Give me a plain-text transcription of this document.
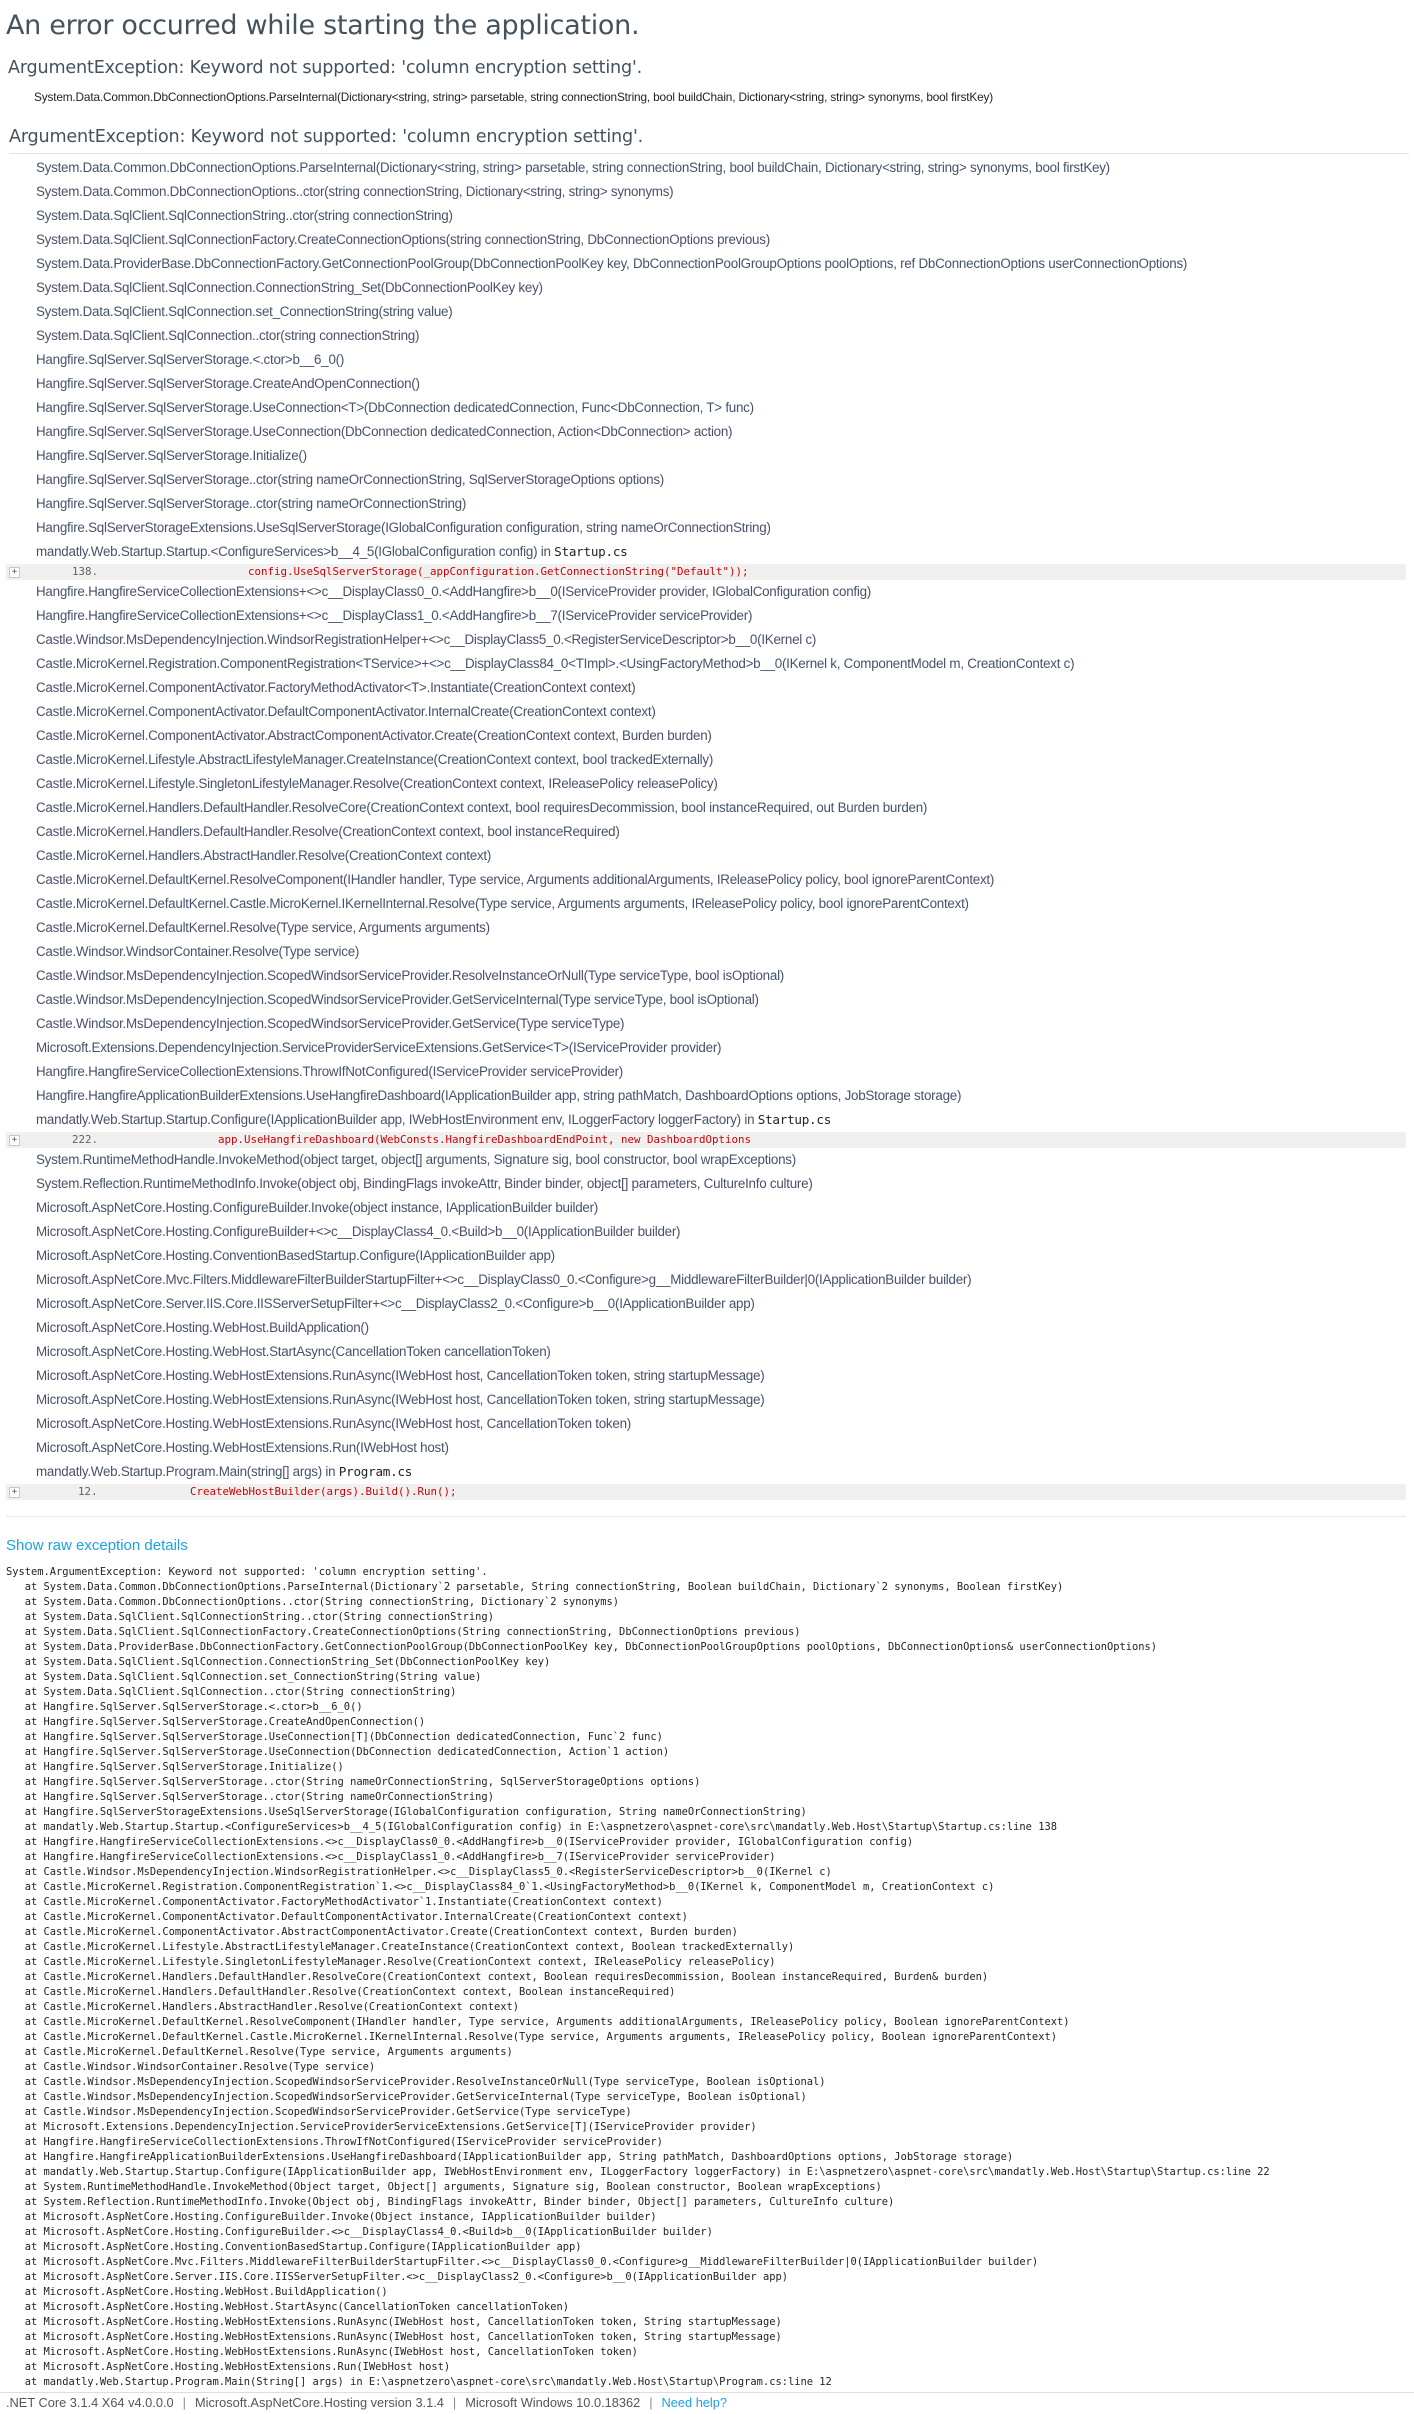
An error occurred while starting the application.
ArgumentException: Keyword not supported: 'column encryption setting'.
System.Data.Common.DbConnectionOptions.ParseInternal(Dictionary<string, string> parsetable, string connectionString, bool buildChain, Dictionary<string, string> synonyms, bool firstKey)
ArgumentException: Keyword not supported: 'column encryption setting'.
System.Data.Common.DbConnectionOptions.ParseInternal(Dictionary<string, string> parsetable, string connectionString, bool buildChain, Dictionary<string, string> synonyms, bool firstKey)
System.Data.Common.DbConnectionOptions..ctor(string connectionString, Dictionary<string, string> synonyms)
System.Data.SqlClient.SqlConnectionString..ctor(string connectionString)
System.Data.SqlClient.SqlConnectionFactory.CreateConnectionOptions(string connectionString, DbConnectionOptions previous)
System.Data.ProviderBase.DbConnectionFactory.GetConnectionPoolGroup(DbConnectionPoolKey key, DbConnectionPoolGroupOptions poolOptions, ref DbConnectionOptions userConnectionOptions)
System.Data.SqlClient.SqlConnection.ConnectionString_Set(DbConnectionPoolKey key)
System.Data.SqlClient.SqlConnection.set_ConnectionString(string value)
System.Data.SqlClient.SqlConnection..ctor(string connectionString)
Hangfire.SqlServer.SqlServerStorage.<.ctor>b__6_0()
Hangfire.SqlServer.SqlServerStorage.CreateAndOpenConnection()
Hangfire.SqlServer.SqlServerStorage.UseConnection<T>(DbConnection dedicatedConnection, Func<DbConnection, T> func)
Hangfire.SqlServer.SqlServerStorage.UseConnection(DbConnection dedicatedConnection, Action<DbConnection> action)
Hangfire.SqlServer.SqlServerStorage.Initialize()
Hangfire.SqlServer.SqlServerStorage..ctor(string nameOrConnectionString, SqlServerStorageOptions options)
Hangfire.SqlServer.SqlServerStorage..ctor(string nameOrConnectionString)
Hangfire.SqlServerStorageExtensions.UseSqlServerStorage(IGlobalConfiguration configuration, string nameOrConnectionString)
mandatly.Web.Startup.Startup.<ConfigureServices>b__4_5(IGlobalConfiguration config) in Startup.cs
+	138.	config.UseSqlServerStorage(_appConfiguration.GetConnectionString("Default"));
Hangfire.HangfireServiceCollectionExtensions+<>c__DisplayClass0_0.<AddHangfire>b__0(IServiceProvider provider, IGlobalConfiguration config)
Hangfire.HangfireServiceCollectionExtensions+<>c__DisplayClass1_0.<AddHangfire>b__7(IServiceProvider serviceProvider)
Castle.Windsor.MsDependencyInjection.WindsorRegistrationHelper+<>c__DisplayClass5_0.<RegisterServiceDescriptor>b__0(IKernel c)
Castle.MicroKernel.Registration.ComponentRegistration<TService>+<>c__DisplayClass84_0<TImpl>.<UsingFactoryMethod>b__0(IKernel k, ComponentModel m, CreationContext c)
Castle.MicroKernel.ComponentActivator.FactoryMethodActivator<T>.Instantiate(CreationContext context)
Castle.MicroKernel.ComponentActivator.DefaultComponentActivator.InternalCreate(CreationContext context)
Castle.MicroKernel.ComponentActivator.AbstractComponentActivator.Create(CreationContext context, Burden burden)
Castle.MicroKernel.Lifestyle.AbstractLifestyleManager.CreateInstance(CreationContext context, bool trackedExternally)
Castle.MicroKernel.Lifestyle.SingletonLifestyleManager.Resolve(CreationContext context, IReleasePolicy releasePolicy)
Castle.MicroKernel.Handlers.DefaultHandler.ResolveCore(CreationContext context, bool requiresDecommission, bool instanceRequired, out Burden burden)
Castle.MicroKernel.Handlers.DefaultHandler.Resolve(CreationContext context, bool instanceRequired)
Castle.MicroKernel.Handlers.AbstractHandler.Resolve(CreationContext context)
Castle.MicroKernel.DefaultKernel.ResolveComponent(IHandler handler, Type service, Arguments additionalArguments, IReleasePolicy policy, bool ignoreParentContext)
Castle.MicroKernel.DefaultKernel.Castle.MicroKernel.IKernelInternal.Resolve(Type service, Arguments arguments, IReleasePolicy policy, bool ignoreParentContext)
Castle.MicroKernel.DefaultKernel.Resolve(Type service, Arguments arguments)
Castle.Windsor.WindsorContainer.Resolve(Type service)
Castle.Windsor.MsDependencyInjection.ScopedWindsorServiceProvider.ResolveInstanceOrNull(Type serviceType, bool isOptional)
Castle.Windsor.MsDependencyInjection.ScopedWindsorServiceProvider.GetServiceInternal(Type serviceType, bool isOptional)
Castle.Windsor.MsDependencyInjection.ScopedWindsorServiceProvider.GetService(Type serviceType)
Microsoft.Extensions.DependencyInjection.ServiceProviderServiceExtensions.GetService<T>(IServiceProvider provider)
Hangfire.HangfireServiceCollectionExtensions.ThrowIfNotConfigured(IServiceProvider serviceProvider)
Hangfire.HangfireApplicationBuilderExtensions.UseHangfireDashboard(IApplicationBuilder app, string pathMatch, DashboardOptions options, JobStorage storage)
mandatly.Web.Startup.Startup.Configure(IApplicationBuilder app, IWebHostEnvironment env, ILoggerFactory loggerFactory) in Startup.cs
+	222.	app.UseHangfireDashboard(WebConsts.HangfireDashboardEndPoint, new DashboardOptions
System.RuntimeMethodHandle.InvokeMethod(object target, object[] arguments, Signature sig, bool constructor, bool wrapExceptions)
System.Reflection.RuntimeMethodInfo.Invoke(object obj, BindingFlags invokeAttr, Binder binder, object[] parameters, CultureInfo culture)
Microsoft.AspNetCore.Hosting.ConfigureBuilder.Invoke(object instance, IApplicationBuilder builder)
Microsoft.AspNetCore.Hosting.ConfigureBuilder+<>c__DisplayClass4_0.<Build>b__0(IApplicationBuilder builder)
Microsoft.AspNetCore.Hosting.ConventionBasedStartup.Configure(IApplicationBuilder app)
Microsoft.AspNetCore.Mvc.Filters.MiddlewareFilterBuilderStartupFilter+<>c__DisplayClass0_0.<Configure>g__MiddlewareFilterBuilder|0(IApplicationBuilder builder)
Microsoft.AspNetCore.Server.IIS.Core.IISServerSetupFilter+<>c__DisplayClass2_0.<Configure>b__0(IApplicationBuilder app)
Microsoft.AspNetCore.Hosting.WebHost.BuildApplication()
Microsoft.AspNetCore.Hosting.WebHost.StartAsync(CancellationToken cancellationToken)
Microsoft.AspNetCore.Hosting.WebHostExtensions.RunAsync(IWebHost host, CancellationToken token, string startupMessage)
Microsoft.AspNetCore.Hosting.WebHostExtensions.RunAsync(IWebHost host, CancellationToken token, string startupMessage)
Microsoft.AspNetCore.Hosting.WebHostExtensions.RunAsync(IWebHost host, CancellationToken token)
Microsoft.AspNetCore.Hosting.WebHostExtensions.Run(IWebHost host)
mandatly.Web.Startup.Program.Main(string[] args) in Program.cs
+	12.	CreateWebHostBuilder(args).Build().Run();
Show raw exception details
System.ArgumentException: Keyword not supported: 'column encryption setting'.
at System.Data.Common.DbConnectionOptions.ParseInternal(Dictionary`2 parsetable, String connectionString, Boolean buildChain, Dictionary`2 synonyms, Boolean firstKey)
at System.Data.Common.DbConnectionOptions..ctor(String connectionString, Dictionary`2 synonyms)
at System.Data.SqlClient.SqlConnectionString..ctor(String connectionString)
at System.Data.SqlClient.SqlConnectionFactory.CreateConnectionOptions(String connectionString, DbConnectionOptions previous)
at System.Data.ProviderBase.DbConnectionFactory.GetConnectionPoolGroup(DbConnectionPoolKey key, DbConnectionPoolGroupOptions poolOptions, DbConnectionOptions& userConnectionOptions)
at System.Data.SqlClient.SqlConnection.ConnectionString_Set(DbConnectionPoolKey key)
at System.Data.SqlClient.SqlConnection.set_ConnectionString(String value)
at System.Data.SqlClient.SqlConnection..ctor(String connectionString)
at Hangfire.SqlServer.SqlServerStorage.<.ctor>b__6_0()
at Hangfire.SqlServer.SqlServerStorage.CreateAndOpenConnection()
at Hangfire.SqlServer.SqlServerStorage.UseConnection[T](DbConnection dedicatedConnection, Func`2 func)
at Hangfire.SqlServer.SqlServerStorage.UseConnection(DbConnection dedicatedConnection, Action`1 action)
at Hangfire.SqlServer.SqlServerStorage.Initialize()
at Hangfire.SqlServer.SqlServerStorage..ctor(String nameOrConnectionString, SqlServerStorageOptions options)
at Hangfire.SqlServer.SqlServerStorage..ctor(String nameOrConnectionString)
at Hangfire.SqlServerStorageExtensions.UseSqlServerStorage(IGlobalConfiguration configuration, String nameOrConnectionString)
at mandatly.Web.Startup.Startup.<ConfigureServices>b__4_5(IGlobalConfiguration config) in E:\aspnetzero\aspnet-core\src\mandatly.Web.Host\Startup\Startup.cs:line 138
at Hangfire.HangfireServiceCollectionExtensions.<>c__DisplayClass0_0.<AddHangfire>b__0(IServiceProvider provider, IGlobalConfiguration config)
at Hangfire.HangfireServiceCollectionExtensions.<>c__DisplayClass1_0.<AddHangfire>b__7(IServiceProvider serviceProvider)
at Castle.Windsor.MsDependencyInjection.WindsorRegistrationHelper.<>c__DisplayClass5_0.<RegisterServiceDescriptor>b__0(IKernel c)
at Castle.MicroKernel.Registration.ComponentRegistration`1.<>c__DisplayClass84_0`1.<UsingFactoryMethod>b__0(IKernel k, ComponentModel m, CreationContext c)
at Castle.MicroKernel.ComponentActivator.FactoryMethodActivator`1.Instantiate(CreationContext context)
at Castle.MicroKernel.ComponentActivator.DefaultComponentActivator.InternalCreate(CreationContext context)
at Castle.MicroKernel.ComponentActivator.AbstractComponentActivator.Create(CreationContext context, Burden burden)
at Castle.MicroKernel.Lifestyle.AbstractLifestyleManager.CreateInstance(CreationContext context, Boolean trackedExternally)
at Castle.MicroKernel.Lifestyle.SingletonLifestyleManager.Resolve(CreationContext context, IReleasePolicy releasePolicy)
at Castle.MicroKernel.Handlers.DefaultHandler.ResolveCore(CreationContext context, Boolean requiresDecommission, Boolean instanceRequired, Burden& burden)
at Castle.MicroKernel.Handlers.DefaultHandler.Resolve(CreationContext context, Boolean instanceRequired)
at Castle.MicroKernel.Handlers.AbstractHandler.Resolve(CreationContext context)
at Castle.MicroKernel.DefaultKernel.ResolveComponent(IHandler handler, Type service, Arguments additionalArguments, IReleasePolicy policy, Boolean ignoreParentContext)
at Castle.MicroKernel.DefaultKernel.Castle.MicroKernel.IKernelInternal.Resolve(Type service, Arguments arguments, IReleasePolicy policy, Boolean ignoreParentContext)
at Castle.MicroKernel.DefaultKernel.Resolve(Type service, Arguments arguments)
at Castle.Windsor.WindsorContainer.Resolve(Type service)
at Castle.Windsor.MsDependencyInjection.ScopedWindsorServiceProvider.ResolveInstanceOrNull(Type serviceType, Boolean isOptional)
at Castle.Windsor.MsDependencyInjection.ScopedWindsorServiceProvider.GetServiceInternal(Type serviceType, Boolean isOptional)
at Castle.Windsor.MsDependencyInjection.ScopedWindsorServiceProvider.GetService(Type serviceType)
at Microsoft.Extensions.DependencyInjection.ServiceProviderServiceExtensions.GetService[T](IServiceProvider provider)
at Hangfire.HangfireServiceCollectionExtensions.ThrowIfNotConfigured(IServiceProvider serviceProvider)
at Hangfire.HangfireApplicationBuilderExtensions.UseHangfireDashboard(IApplicationBuilder app, String pathMatch, DashboardOptions options, JobStorage storage)
at mandatly.Web.Startup.Startup.Configure(IApplicationBuilder app, IWebHostEnvironment env, ILoggerFactory loggerFactory) in E:\aspnetzero\aspnet-core\src\mandatly.Web.Host\Startup\Startup.cs:line 22
at System.RuntimeMethodHandle.InvokeMethod(Object target, Object[] arguments, Signature sig, Boolean constructor, Boolean wrapExceptions)
at System.Reflection.RuntimeMethodInfo.Invoke(Object obj, BindingFlags invokeAttr, Binder binder, Object[] parameters, CultureInfo culture)
at Microsoft.AspNetCore.Hosting.ConfigureBuilder.Invoke(Object instance, IApplicationBuilder builder)
at Microsoft.AspNetCore.Hosting.ConfigureBuilder.<>c__DisplayClass4_0.<Build>b__0(IApplicationBuilder builder)
at Microsoft.AspNetCore.Hosting.ConventionBasedStartup.Configure(IApplicationBuilder app)
at Microsoft.AspNetCore.Mvc.Filters.MiddlewareFilterBuilderStartupFilter.<>c__DisplayClass0_0.<Configure>g__MiddlewareFilterBuilder|0(IApplicationBuilder builder)
at Microsoft.AspNetCore.Server.IIS.Core.IISServerSetupFilter.<>c__DisplayClass2_0.<Configure>b__0(IApplicationBuilder app)
at Microsoft.AspNetCore.Hosting.WebHost.BuildApplication()
at Microsoft.AspNetCore.Hosting.WebHost.StartAsync(CancellationToken cancellationToken)
at Microsoft.AspNetCore.Hosting.WebHostExtensions.RunAsync(IWebHost host, CancellationToken token, String startupMessage)
at Microsoft.AspNetCore.Hosting.WebHostExtensions.RunAsync(IWebHost host, CancellationToken token, String startupMessage)
at Microsoft.AspNetCore.Hosting.WebHostExtensions.RunAsync(IWebHost host, CancellationToken token)
at Microsoft.AspNetCore.Hosting.WebHostExtensions.Run(IWebHost host)
at mandatly.Web.Startup.Program.Main(String[] args) in E:\aspnetzero\aspnet-core\src\mandatly.Web.Host\Startup\Program.cs:line 12
.NET Core 3.1.4 X64 v4.0.0.0 | Microsoft.AspNetCore.Hosting version 3.1.4 | Microsoft Windows 10.0.18362 | Need help?
